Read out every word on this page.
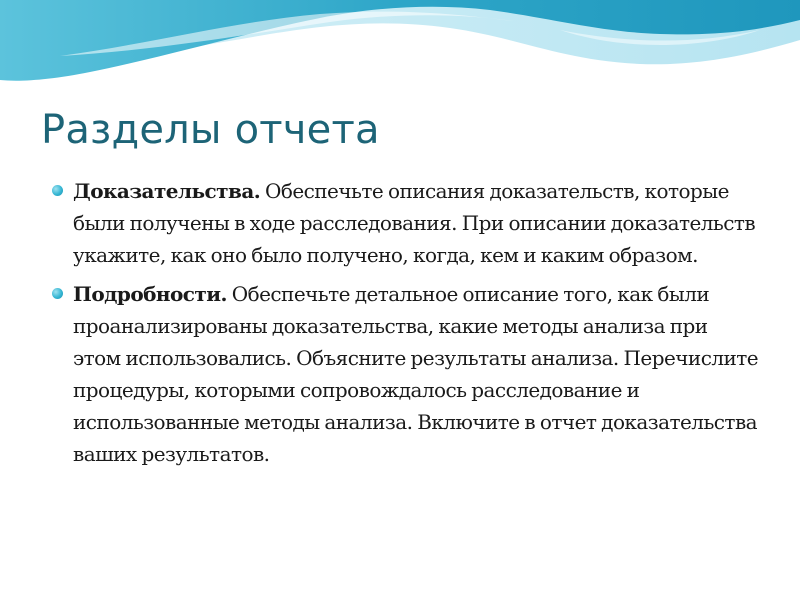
Разделы отчета
Доказательства. Обеспечьте описания доказательств, которые были получены в ходе расследования. При описании доказательств укажите, как оно было получено, когда, кем и каким образом.
Подробности. Обеспечьте детальное описание того, как были проанализированы доказательства, какие методы анализа при этом использовались. Объясните результаты анализа. Перечислите процедуры, которыми сопровождалось расследование и использованные методы анализа. Включите в отчет доказательства ваших результатов.
